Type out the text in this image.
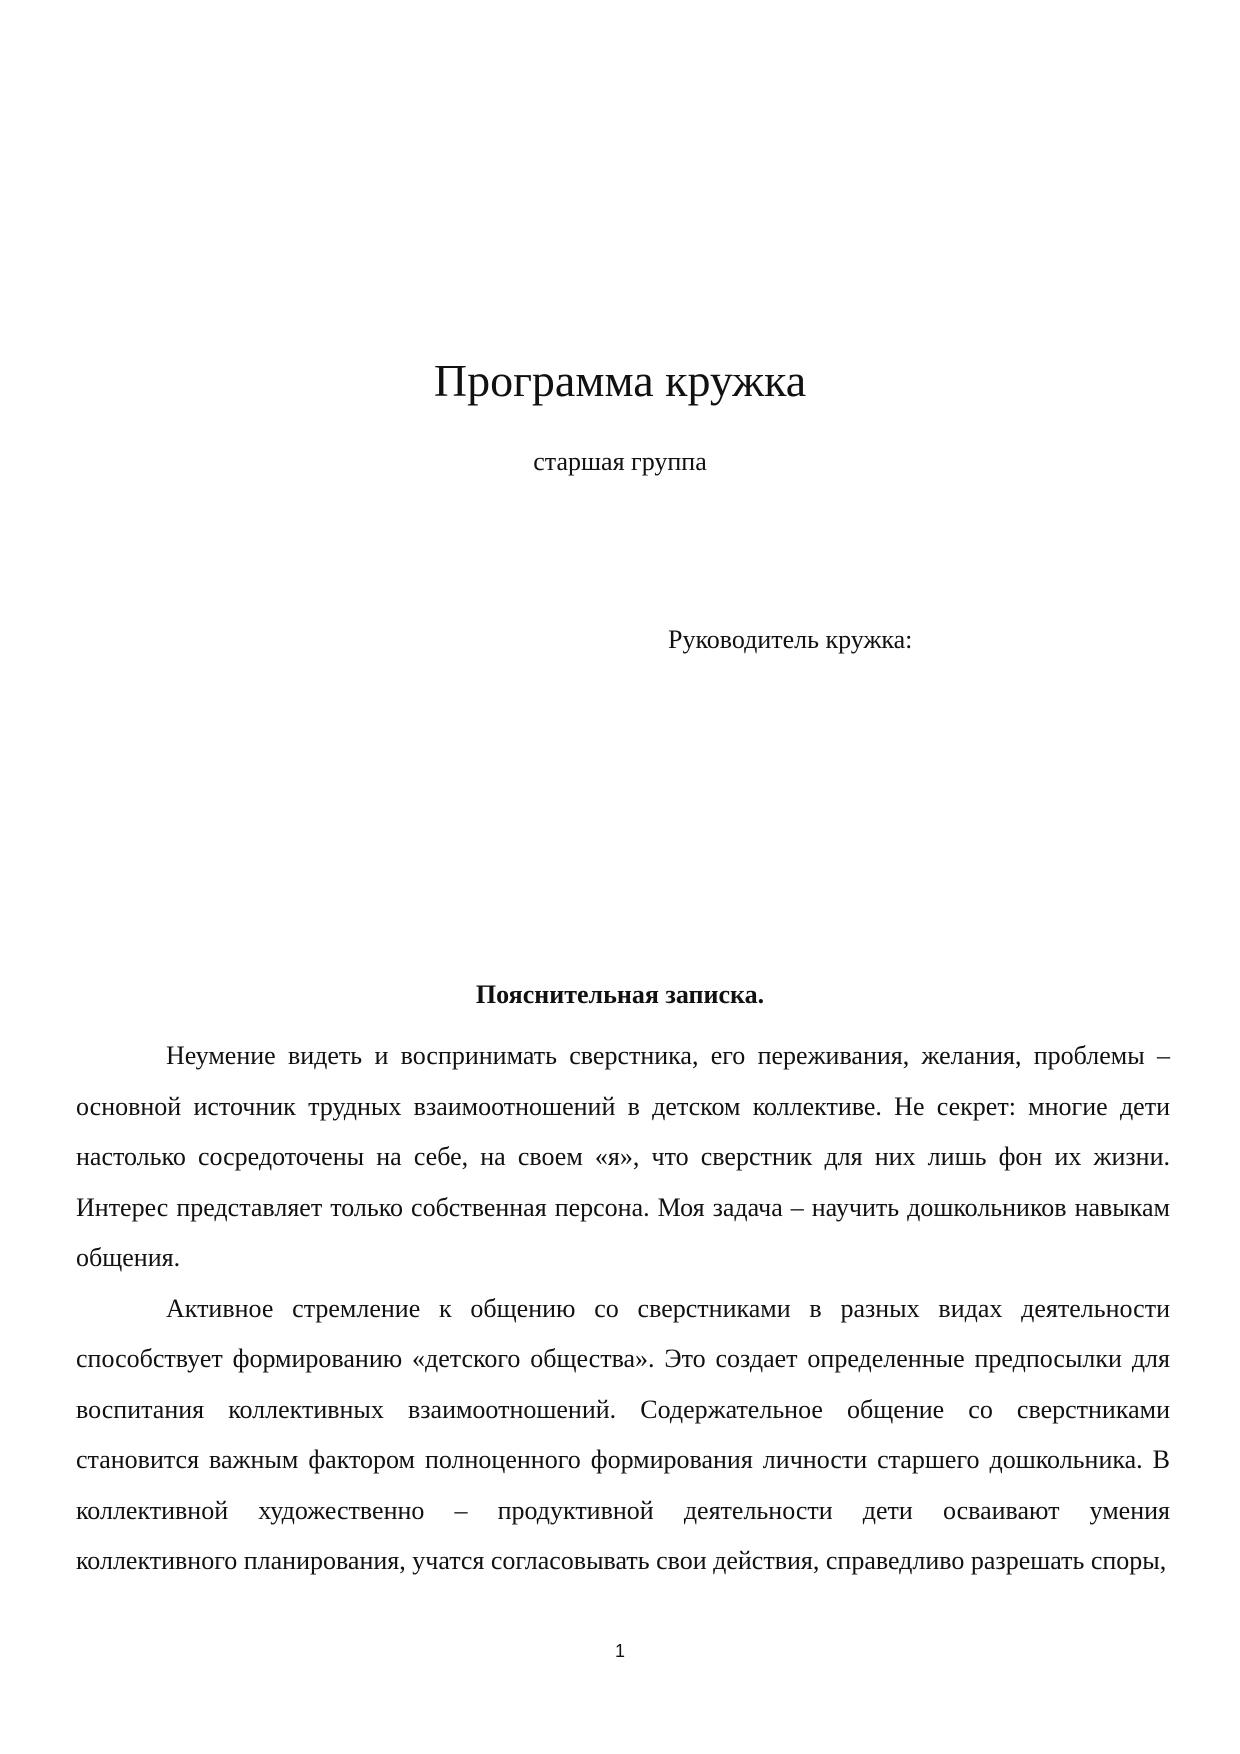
Программа кружка
старшая группа
Руководитель кружка:
Пояснительная записка.

Неумение видеть и воспринимать сверстника, его переживания, желания, проблемы – основной источник трудных взаимоотношений в детском коллективе. Не секрет: многие дети настолько сосредоточены на себе, на своем «я», что сверстник для них лишь фон их жизни. Интерес представляет только собственная персона. Моя задача – научить дошкольников навыкам общения.

Активное стремление к общению со сверстниками в разных видах деятельности способствует формированию «детского общества». Это создает определенные предпосылки для воспитания коллективных взаимоотношений. Содержательное общение со сверстниками становится важным фактором полноценного формирования личности старшего дошкольника. В коллективной художественно – продуктивной деятельности дети осваивают умения коллективного планирования, учатся согласовывать свои действия, справедливо разрешать споры,

1
